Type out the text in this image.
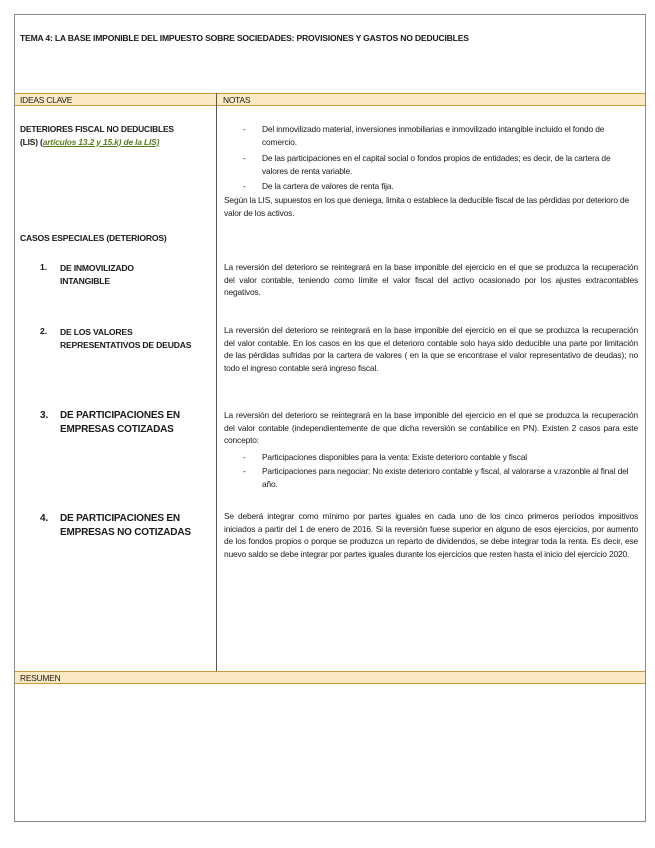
TEMA 4: LA BASE IMPONIBLE DEL IMPUESTO SOBRE SOCIEDADES: PROVISIONES Y GASTOS NO DEDUCIBLES
IDEAS CLAVE	NOTAS
DETERIORES FISCAL NO DEDUCIBLES
(LIS) (artículos 13.2 y 15.k) de la LIS)
- Del inmovilizado material, inversiones inmobiliarias e inmovilizado intangible incluido el fondo de comercio.
- De las participaciones en el capital social o fondos propios de entidades; es decir, de la cartera de valores de renta variable.
- De la cartera de valores de renta fija.
Según la LIS, supuestos en los que deniega, limita o establece la deducible fiscal de las pérdidas por deterioro de valor de los activos.
CASOS ESPECIALES (DETERIOROS)
1. DE INMOVILIZADO
INTANGIBLE
La reversión del deterioro se reintegrará en la base imponible del ejercicio en el que se produzca la recuperación del valor contable, teniendo como límite el valor fiscal del activo ocasionado por los ajustes extracontables negativos.
2. DE LOS VALORES
REPRESENTATIVOS DE DEUDAS
La reversión del deterioro se reintegrará en la base imponible del ejercicio en el que se produzca la recuperación del valor contable. En los casos en los que el deterioro contable solo haya sido deducible una parte por limitación de las pérdidas sufridas por la cartera de valores ( en la que se encontrase el valor representativo de deudas); no todo el ingreso contable será ingreso fiscal.
3. DE PARTICIPACIONES EN
EMPRESAS COTIZADAS
La reversión del deterioro se reintegrará en la base imponible del ejercicio en el que se produzca la recuperación del valor contable (independientemente de que dicha reversión se contabilice en PN). Existen 2 casos para este concepto:
- Participaciones disponibles para la venta: Existe deterioro contable y fiscal
- Participaciones para negociar: No existe deterioro contable y fiscal, al valorarse a v.razonble al final del año.
4. DE PARTICIPACIONES EN
EMPRESAS NO COTIZADAS
Se deberá integrar como mínimo por partes iguales en cada uno de los cinco primeros períodos impositivos iniciados a partir del 1 de enero de 2016. Si la reversión fuese superior en alguno de esos ejercicios, por aumento de los fondos propios o porque se produzca un reparto de dividendos, se debe integrar toda la renta. Es decir, ese nuevo saldo se debe integrar por partes iguales durante los ejercicios que resten hasta el inicio del ejercicio 2020.
RESUMEN
